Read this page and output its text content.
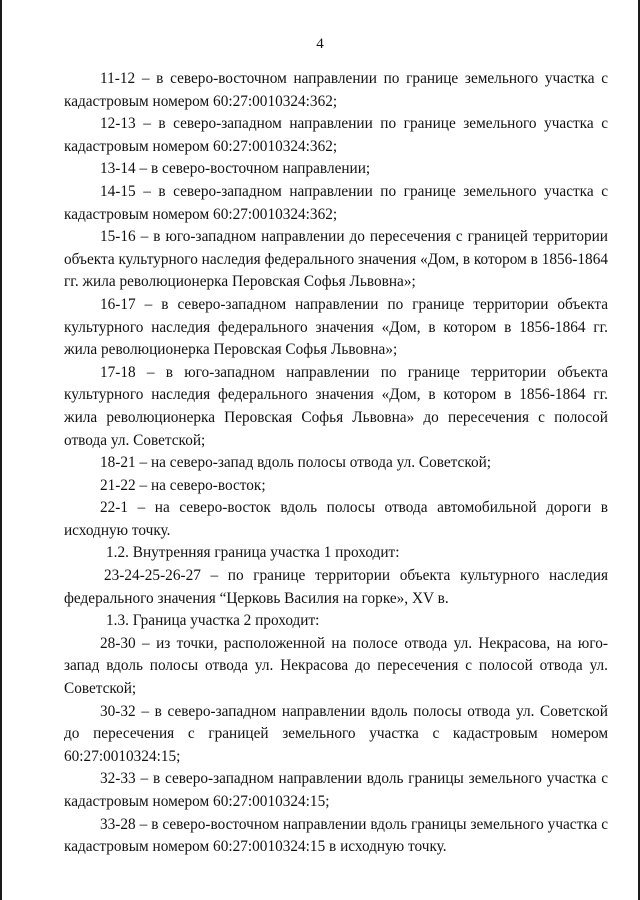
4

11-12 – в северо-восточном направлении по границе земельного участка с кадастровым номером 60:27:0010324:362;

12-13 – в северо-западном направлении по границе земельного участка с кадастровым номером 60:27:0010324:362;

13-14 – в северо-восточном направлении;

14-15 – в северо-западном направлении по границе земельного участка с кадастровым номером 60:27:0010324:362;

15-16 – в юго-западном направлении до пересечения с границей территории объекта культурного наследия федерального значения «Дом, в котором в 1856-1864 гг. жила революционерка Перовская Софья Львовна»;

16-17 – в северо-западном направлении по границе территории объекта культурного наследия федерального значения «Дом, в котором в 1856-1864 гг. жила революционерка Перовская Софья Львовна»;

17-18 – в юго-западном направлении по границе территории объекта культурного наследия федерального значения «Дом, в котором в 1856-1864 гг. жила революционерка Перовская Софья Львовна» до пересечения с полосой отвода ул. Советской;

18-21 – на северо-запад вдоль полосы отвода ул. Советской;

21-22 – на северо-восток;

22-1 – на северо-восток вдоль полосы отвода автомобильной дороги в исходную точку.

1.2. Внутренняя граница участка 1 проходит:

23-24-25-26-27 – по границе территории объекта культурного наследия федерального значения “Церковь Василия на горке», XV в.

1.3. Граница участка 2 проходит:

28-30 – из точки, расположенной на полосе отвода ул. Некрасова, на юго-запад вдоль полосы отвода ул. Некрасова до пересечения с полосой отвода ул. Советской;

30-32 – в северо-западном направлении вдоль полосы отвода ул. Советской до пересечения с границей земельного участка с кадастровым номером 60:27:0010324:15;

32-33 – в северо-западном направлении вдоль границы земельного участка с кадастровым номером 60:27:0010324:15;

33-28 – в северо-восточном направлении вдоль границы земельного участка с кадастровым номером 60:27:0010324:15 в исходную точку.
